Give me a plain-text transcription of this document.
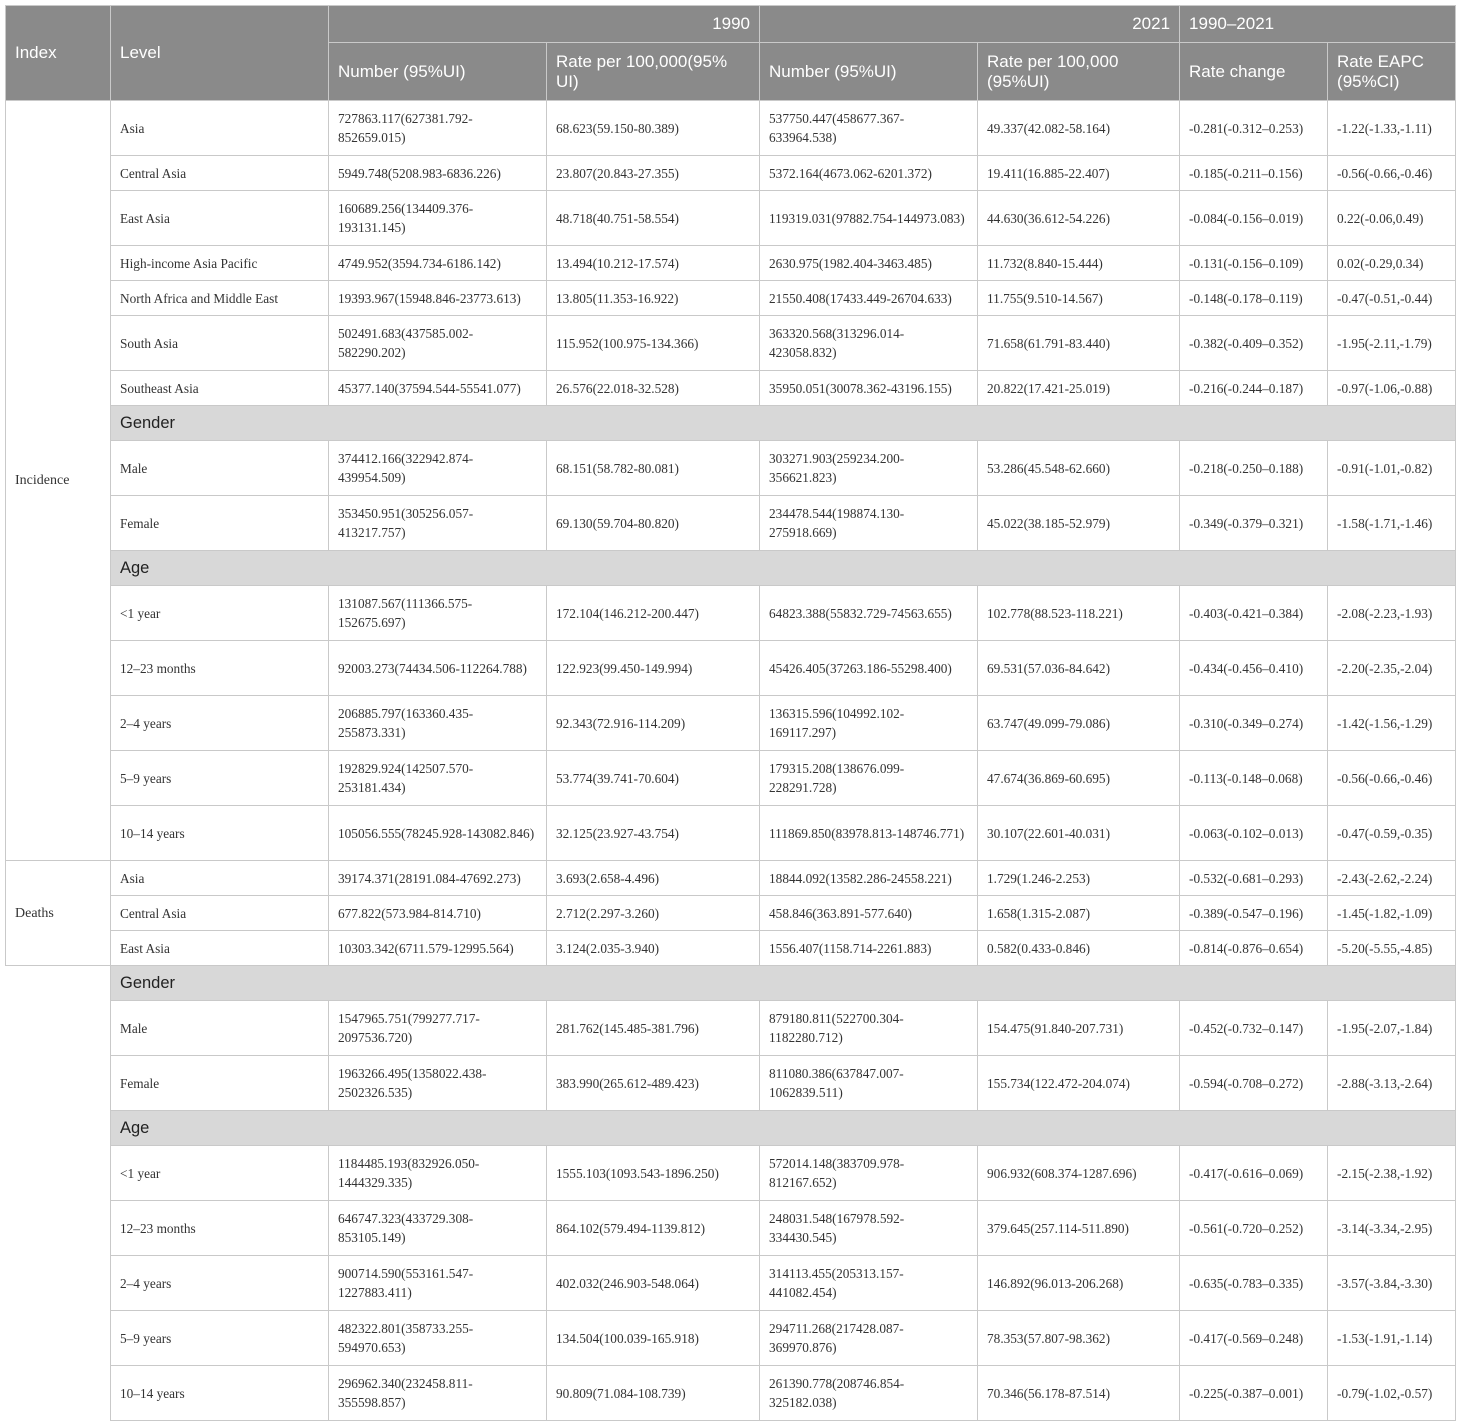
Index	Level	1990		2021		1990–2021	
		Number (95%UI)	Rate per 100,000(95% UI)	Number (95%UI)	Rate per 100,000 (95%UI)	Rate change	Rate EAPC (95%CI)
Incidence	Asia	727863.117(627381.792-852659.015)	68.623(59.150-80.389)	537750.447(458677.367-633964.538)	49.337(42.082-58.164)	-0.281(-0.312–0.253)	-1.22(-1.33,-1.11)
	Central Asia	5949.748(5208.983-6836.226)	23.807(20.843-27.355)	5372.164(4673.062-6201.372)	19.411(16.885-22.407)	-0.185(-0.211–0.156)	-0.56(-0.66,-0.46)
	East Asia	160689.256(134409.376-193131.145)	48.718(40.751-58.554)	119319.031(97882.754-144973.083)	44.630(36.612-54.226)	-0.084(-0.156–0.019)	0.22(-0.06,0.49)
	High-income Asia Pacific	4749.952(3594.734-6186.142)	13.494(10.212-17.574)	2630.975(1982.404-3463.485)	11.732(8.840-15.444)	-0.131(-0.156–0.109)	0.02(-0.29,0.34)
	North Africa and Middle East	19393.967(15948.846-23773.613)	13.805(11.353-16.922)	21550.408(17433.449-26704.633)	11.755(9.510-14.567)	-0.148(-0.178–0.119)	-0.47(-0.51,-0.44)
	South Asia	502491.683(437585.002-582290.202)	115.952(100.975-134.366)	363320.568(313296.014-423058.832)	71.658(61.791-83.440)	-0.382(-0.409–0.352)	-1.95(-2.11,-1.79)
	Southeast Asia	45377.140(37594.544-55541.077)	26.576(22.018-32.528)	35950.051(30078.362-43196.155)	20.822(17.421-25.019)	-0.216(-0.244–0.187)	-0.97(-1.06,-0.88)
	Gender						
	Male	374412.166(322942.874-439954.509)	68.151(58.782-80.081)	303271.903(259234.200-356621.823)	53.286(45.548-62.660)	-0.218(-0.250–0.188)	-0.91(-1.01,-0.82)
	Female	353450.951(305256.057-413217.757)	69.130(59.704-80.820)	234478.544(198874.130-275918.669)	45.022(38.185-52.979)	-0.349(-0.379–0.321)	-1.58(-1.71,-1.46)
	Age						
	<1 year	131087.567(111366.575-152675.697)	172.104(146.212-200.447)	64823.388(55832.729-74563.655)	102.778(88.523-118.221)	-0.403(-0.421–0.384)	-2.08(-2.23,-1.93)
	12–23 months	92003.273(74434.506-112264.788)	122.923(99.450-149.994)	45426.405(37263.186-55298.400)	69.531(57.036-84.642)	-0.434(-0.456–0.410)	-2.20(-2.35,-2.04)
	2–4 years	206885.797(163360.435-255873.331)	92.343(72.916-114.209)	136315.596(104992.102-169117.297)	63.747(49.099-79.086)	-0.310(-0.349–0.274)	-1.42(-1.56,-1.29)
	5–9 years	192829.924(142507.570-253181.434)	53.774(39.741-70.604)	179315.208(138676.099-228291.728)	47.674(36.869-60.695)	-0.113(-0.148–0.068)	-0.56(-0.66,-0.46)
	10–14 years	105056.555(78245.928-143082.846)	32.125(23.927-43.754)	111869.850(83978.813-148746.771)	30.107(22.601-40.031)	-0.063(-0.102–0.013)	-0.47(-0.59,-0.35)
Deaths	Asia	39174.371(28191.084-47692.273)	3.693(2.658-4.496)	18844.092(13582.286-24558.221)	1.729(1.246-2.253)	-0.532(-0.681–0.293)	-2.43(-2.62,-2.24)
	Central Asia	677.822(573.984-814.710)	2.712(2.297-3.260)	458.846(363.891-577.640)	1.658(1.315-2.087)	-0.389(-0.547–0.196)	-1.45(-1.82,-1.09)
	East Asia	10303.342(6711.579-12995.564)	3.124(2.035-3.940)	1556.407(1158.714-2261.883)	0.582(0.433-0.846)	-0.814(-0.876–0.654)	-5.20(-5.55,-4.85)
	Gender						
	Male	1547965.751(799277.717-2097536.720)	281.762(145.485-381.796)	879180.811(522700.304-1182280.712)	154.475(91.840-207.731)	-0.452(-0.732–0.147)	-1.95(-2.07,-1.84)
	Female	1963266.495(1358022.438-2502326.535)	383.990(265.612-489.423)	811080.386(637847.007-1062839.511)	155.734(122.472-204.074)	-0.594(-0.708–0.272)	-2.88(-3.13,-2.64)
	Age						
	<1 year	1184485.193(832926.050-1444329.335)	1555.103(1093.543-1896.250)	572014.148(383709.978-812167.652)	906.932(608.374-1287.696)	-0.417(-0.616–0.069)	-2.15(-2.38,-1.92)
	12–23 months	646747.323(433729.308-853105.149)	864.102(579.494-1139.812)	248031.548(167978.592-334430.545)	379.645(257.114-511.890)	-0.561(-0.720–0.252)	-3.14(-3.34,-2.95)
	2–4 years	900714.590(553161.547-1227883.411)	402.032(246.903-548.064)	314113.455(205313.157-441082.454)	146.892(96.013-206.268)	-0.635(-0.783–0.335)	-3.57(-3.84,-3.30)
	5–9 years	482322.801(358733.255-594970.653)	134.504(100.039-165.918)	294711.268(217428.087-369970.876)	78.353(57.807-98.362)	-0.417(-0.569–0.248)	-1.53(-1.91,-1.14)
	10–14 years	296962.340(232458.811-355598.857)	90.809(71.084-108.739)	261390.778(208746.854-325182.038)	70.346(56.178-87.514)	-0.225(-0.387–0.001)	-0.79(-1.02,-0.57)
